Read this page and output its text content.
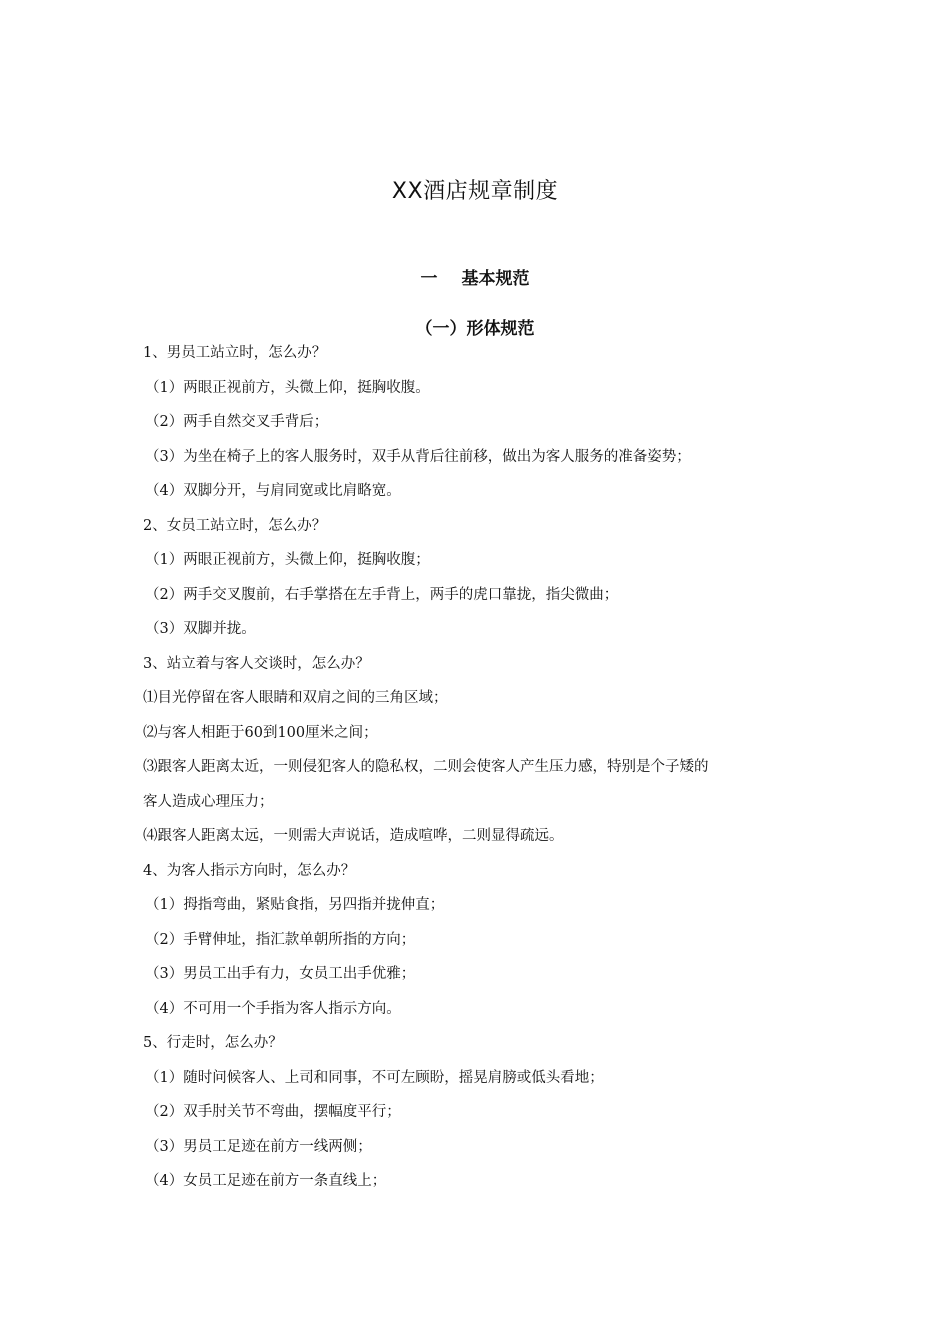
XX酒店规章制度
一 基本规范
（一）形体规范
1、男员工站立时，怎么办？
（1）两眼正视前方，头微上仰，挺胸收腹。
（2）两手自然交叉手背后；
（3）为坐在椅子上的客人服务时，双手从背后往前移，做出为客人服务的准备姿势；
（4）双脚分开，与肩同宽或比肩略宽。
2、女员工站立时，怎么办？
（1）两眼正视前方，头微上仰，挺胸收腹；
（2）两手交叉腹前，右手掌搭在左手背上，两手的虎口靠拢，指尖微曲；
（3）双脚并拢。
3、站立着与客人交谈时，怎么办？
⑴目光停留在客人眼睛和双肩之间的三角区域；
⑵与客人相距于60到100厘米之间；
⑶跟客人距离太近，一则侵犯客人的隐私权，二则会使客人产生压力感，特别是个子矮的
客人造成心理压力；
⑷跟客人距离太远，一则需大声说话，造成喧哗，二则显得疏远。
4、为客人指示方向时，怎么办？
（1）拇指弯曲，紧贴食指，另四指并拢伸直；
（2）手臂伸址，指汇款单朝所指的方向；
（3）男员工出手有力，女员工出手优雅；
（4）不可用一个手指为客人指示方向。
5、行走时，怎么办？
（1）随时问候客人、上司和同事，不可左顾盼，摇晃肩膀或低头看地；
（2）双手肘关节不弯曲，摆幅度平行；
（3）男员工足迹在前方一线两侧；
（4）女员工足迹在前方一条直线上；
